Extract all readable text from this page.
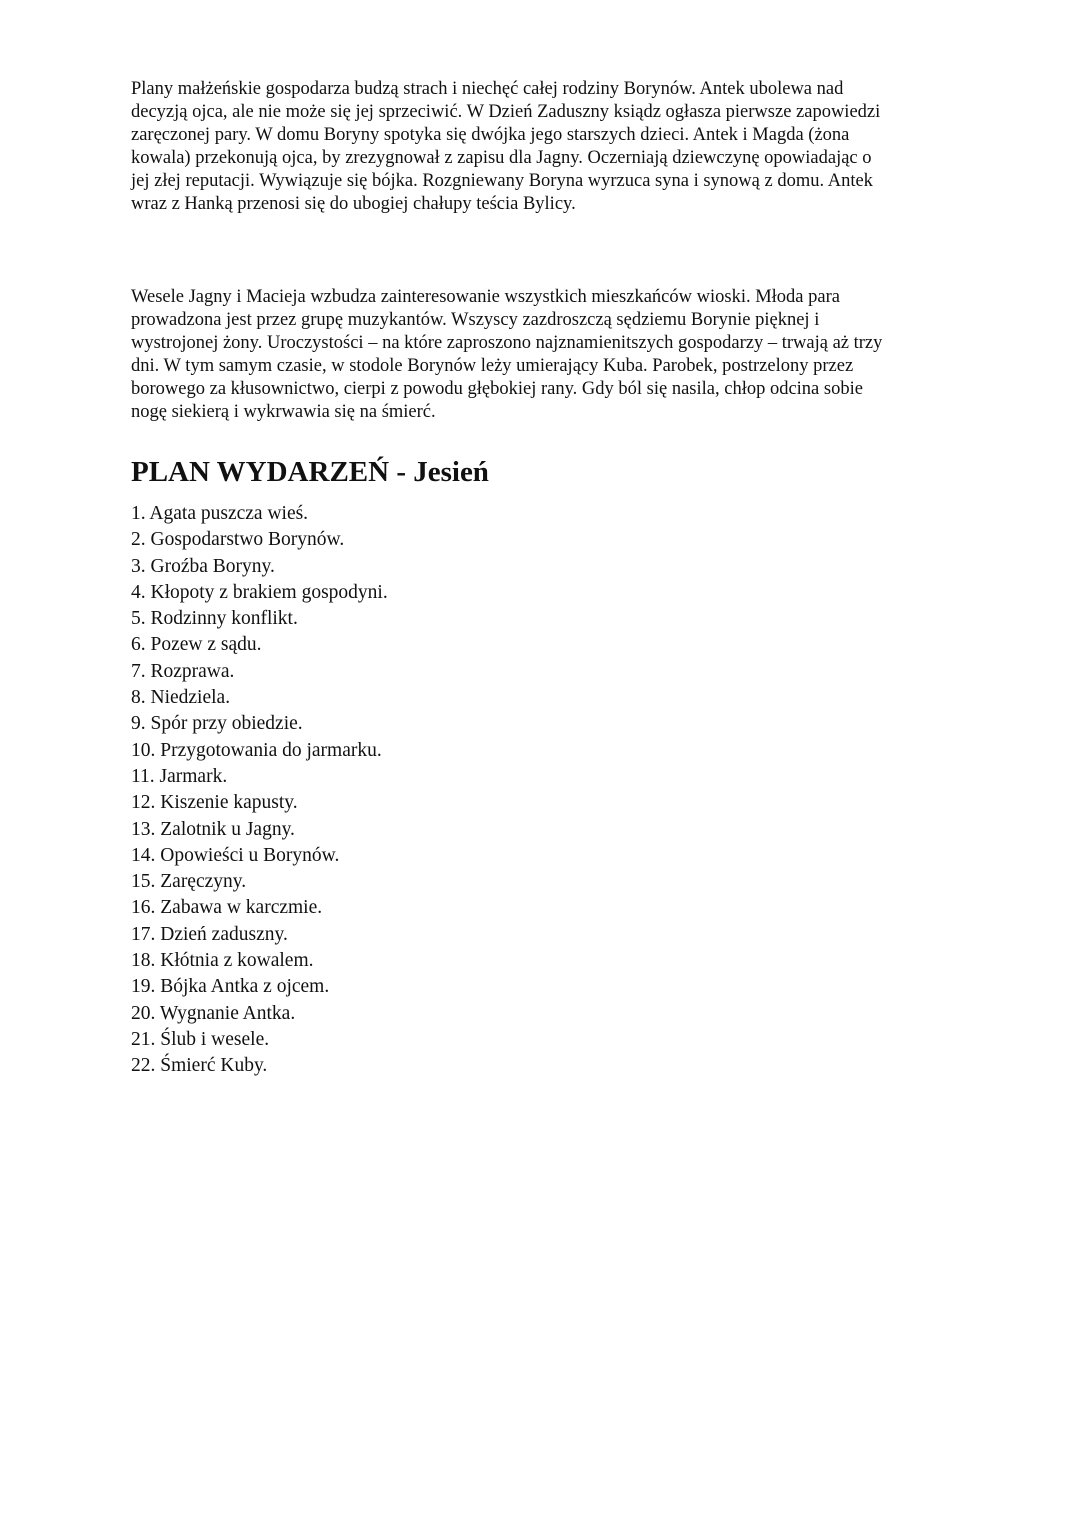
Plany małżeńskie gospodarza budzą strach i niechęć całej rodziny Borynów. Antek ubolewa nad
decyzją ojca, ale nie może się jej sprzeciwić. W Dzień Zaduszny ksiądz ogłasza pierwsze zapowiedzi
zaręczonej pary. W domu Boryny spotyka się dwójka jego starszych dzieci. Antek i Magda (żona
kowala) przekonują ojca, by zrezygnował z zapisu dla Jagny. Oczerniają dziewczynę opowiadając o
jej złej reputacji. Wywiązuje się bójka. Rozgniewany Boryna wyrzuca syna i synową z domu. Antek
wraz z Hanką przenosi się do ubogiej chałupy teścia Bylicy.

Wesele Jagny i Macieja wzbudza zainteresowanie wszystkich mieszkańców wioski. Młoda para
prowadzona jest przez grupę muzykantów. Wszyscy zazdroszczą sędziemu Borynie pięknej i
wystrojonej żony. Uroczystości – na które zaproszono najznamienitszych gospodarzy – trwają aż trzy
dni. W tym samym czasie, w stodole Borynów leży umierający Kuba. Parobek, postrzelony przez
borowego za kłusownictwo, cierpi z powodu głębokiej rany. Gdy ból się nasila, chłop odcina sobie
nogę siekierą i wykrwawia się na śmierć.

PLAN WYDARZEŃ - Jesień
1. Agata puszcza wieś.
2. Gospodarstwo Borynów.
3. Groźba Boryny.
4. Kłopoty z brakiem gospodyni.
5. Rodzinny konflikt.
6. Pozew z sądu.
7. Rozprawa.
8. Niedziela.
9. Spór przy obiedzie.
10. Przygotowania do jarmarku.
11. Jarmark.
12. Kiszenie kapusty.
13. Zalotnik u Jagny.
14. Opowieści u Borynów.
15. Zaręczyny.
16. Zabawa w karczmie.
17. Dzień zaduszny.
18. Kłótnia z kowalem.
19. Bójka Antka z ojcem.
20. Wygnanie Antka.
21. Ślub i wesele.
22. Śmierć Kuby.
